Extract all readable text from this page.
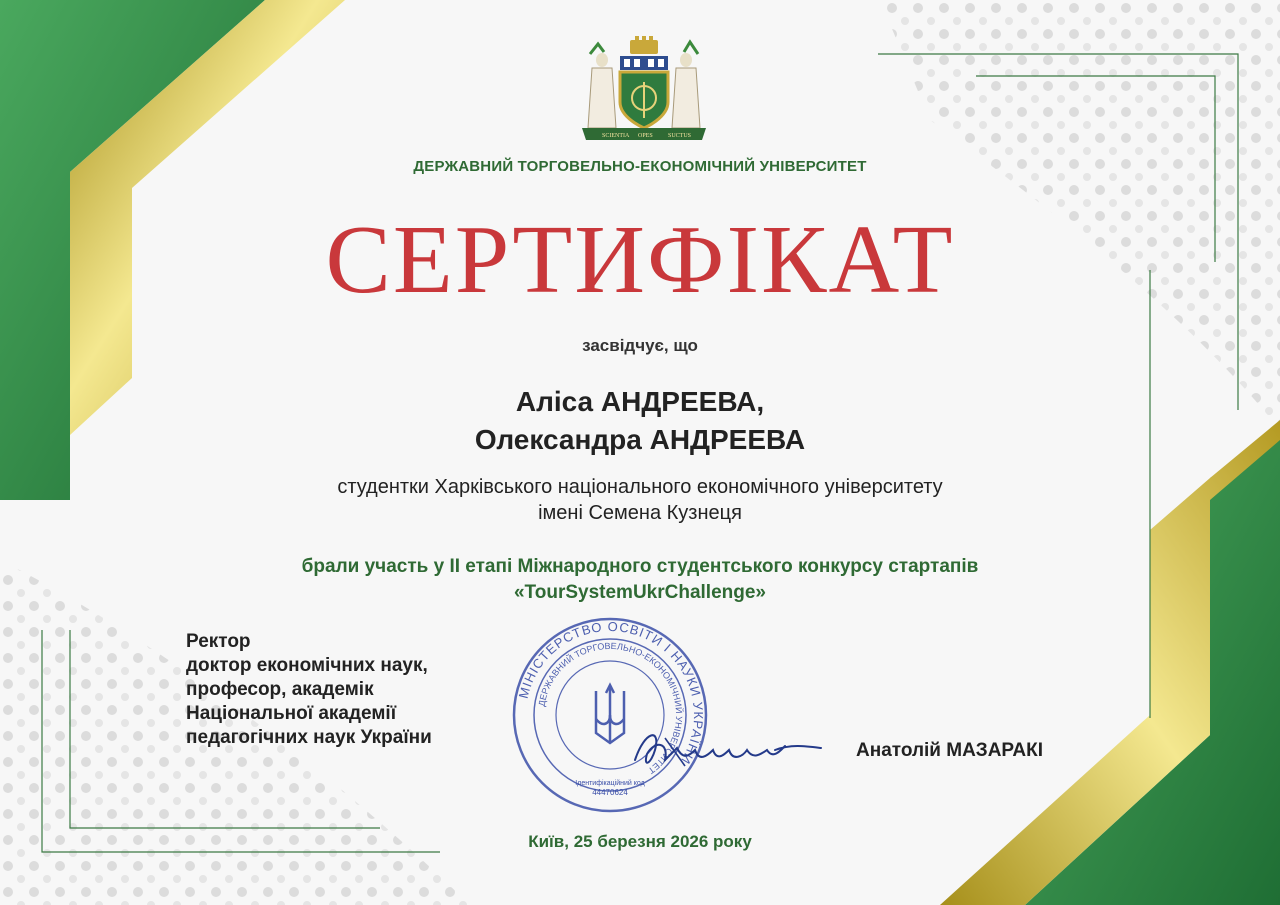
SCIENTIA OPES	SUCTUS
ДЕРЖАВНИЙ ТОРГОВЕЛЬНО-ЕКОНОМІЧНИЙ УНІВЕРСИТЕТ
СЕРТИФІКАТ
засвідчує, що
Аліса АНДРЕЕВА,
Олександра АНДРЕЕВА
студентки Харківського національного економічного університету
імені Семена Кузнеця
брали участь у ІІ етапі Міжнародного студентського конкурсу стартапів
«TourSystemUkrChallenge»
Ректор
доктор економічних наук,
професор, академік
Національної академії
педагогічних наук України
МІНІСТЕРСТВО ОСВІТИ І НАУКИ УКРАЇНИ
ДЕРЖАВНИЙ ТОРГОВЕЛЬНО-ЕКОНОМІЧНИЙ УНІВЕРСИТЕТ
Ідентифікаційний код
44470624
Анатолій МАЗАРАКІ
Київ, 25 березня 2026 року
